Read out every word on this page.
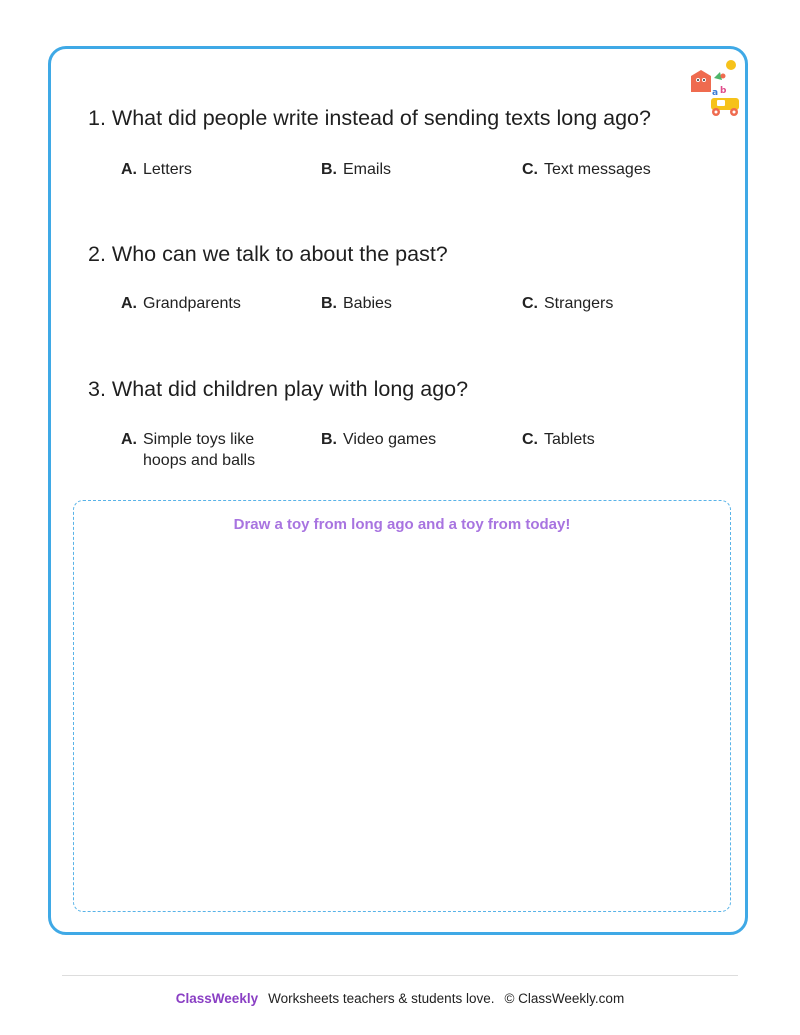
a b

1. What did people write instead of sending texts long ago?

A. Letters	B. Emails	C. Text messages

2. Who can we talk to about the past?

A. Grandparents	B. Babies	C. Strangers

3. What did children play with long ago?

A. Simple toys like
hoops and balls
B. Video games	C. Tablets
Draw a toy from long ago and a toy from today!
ClassWeekly Worksheets teachers & students love. © ClassWeekly.com
